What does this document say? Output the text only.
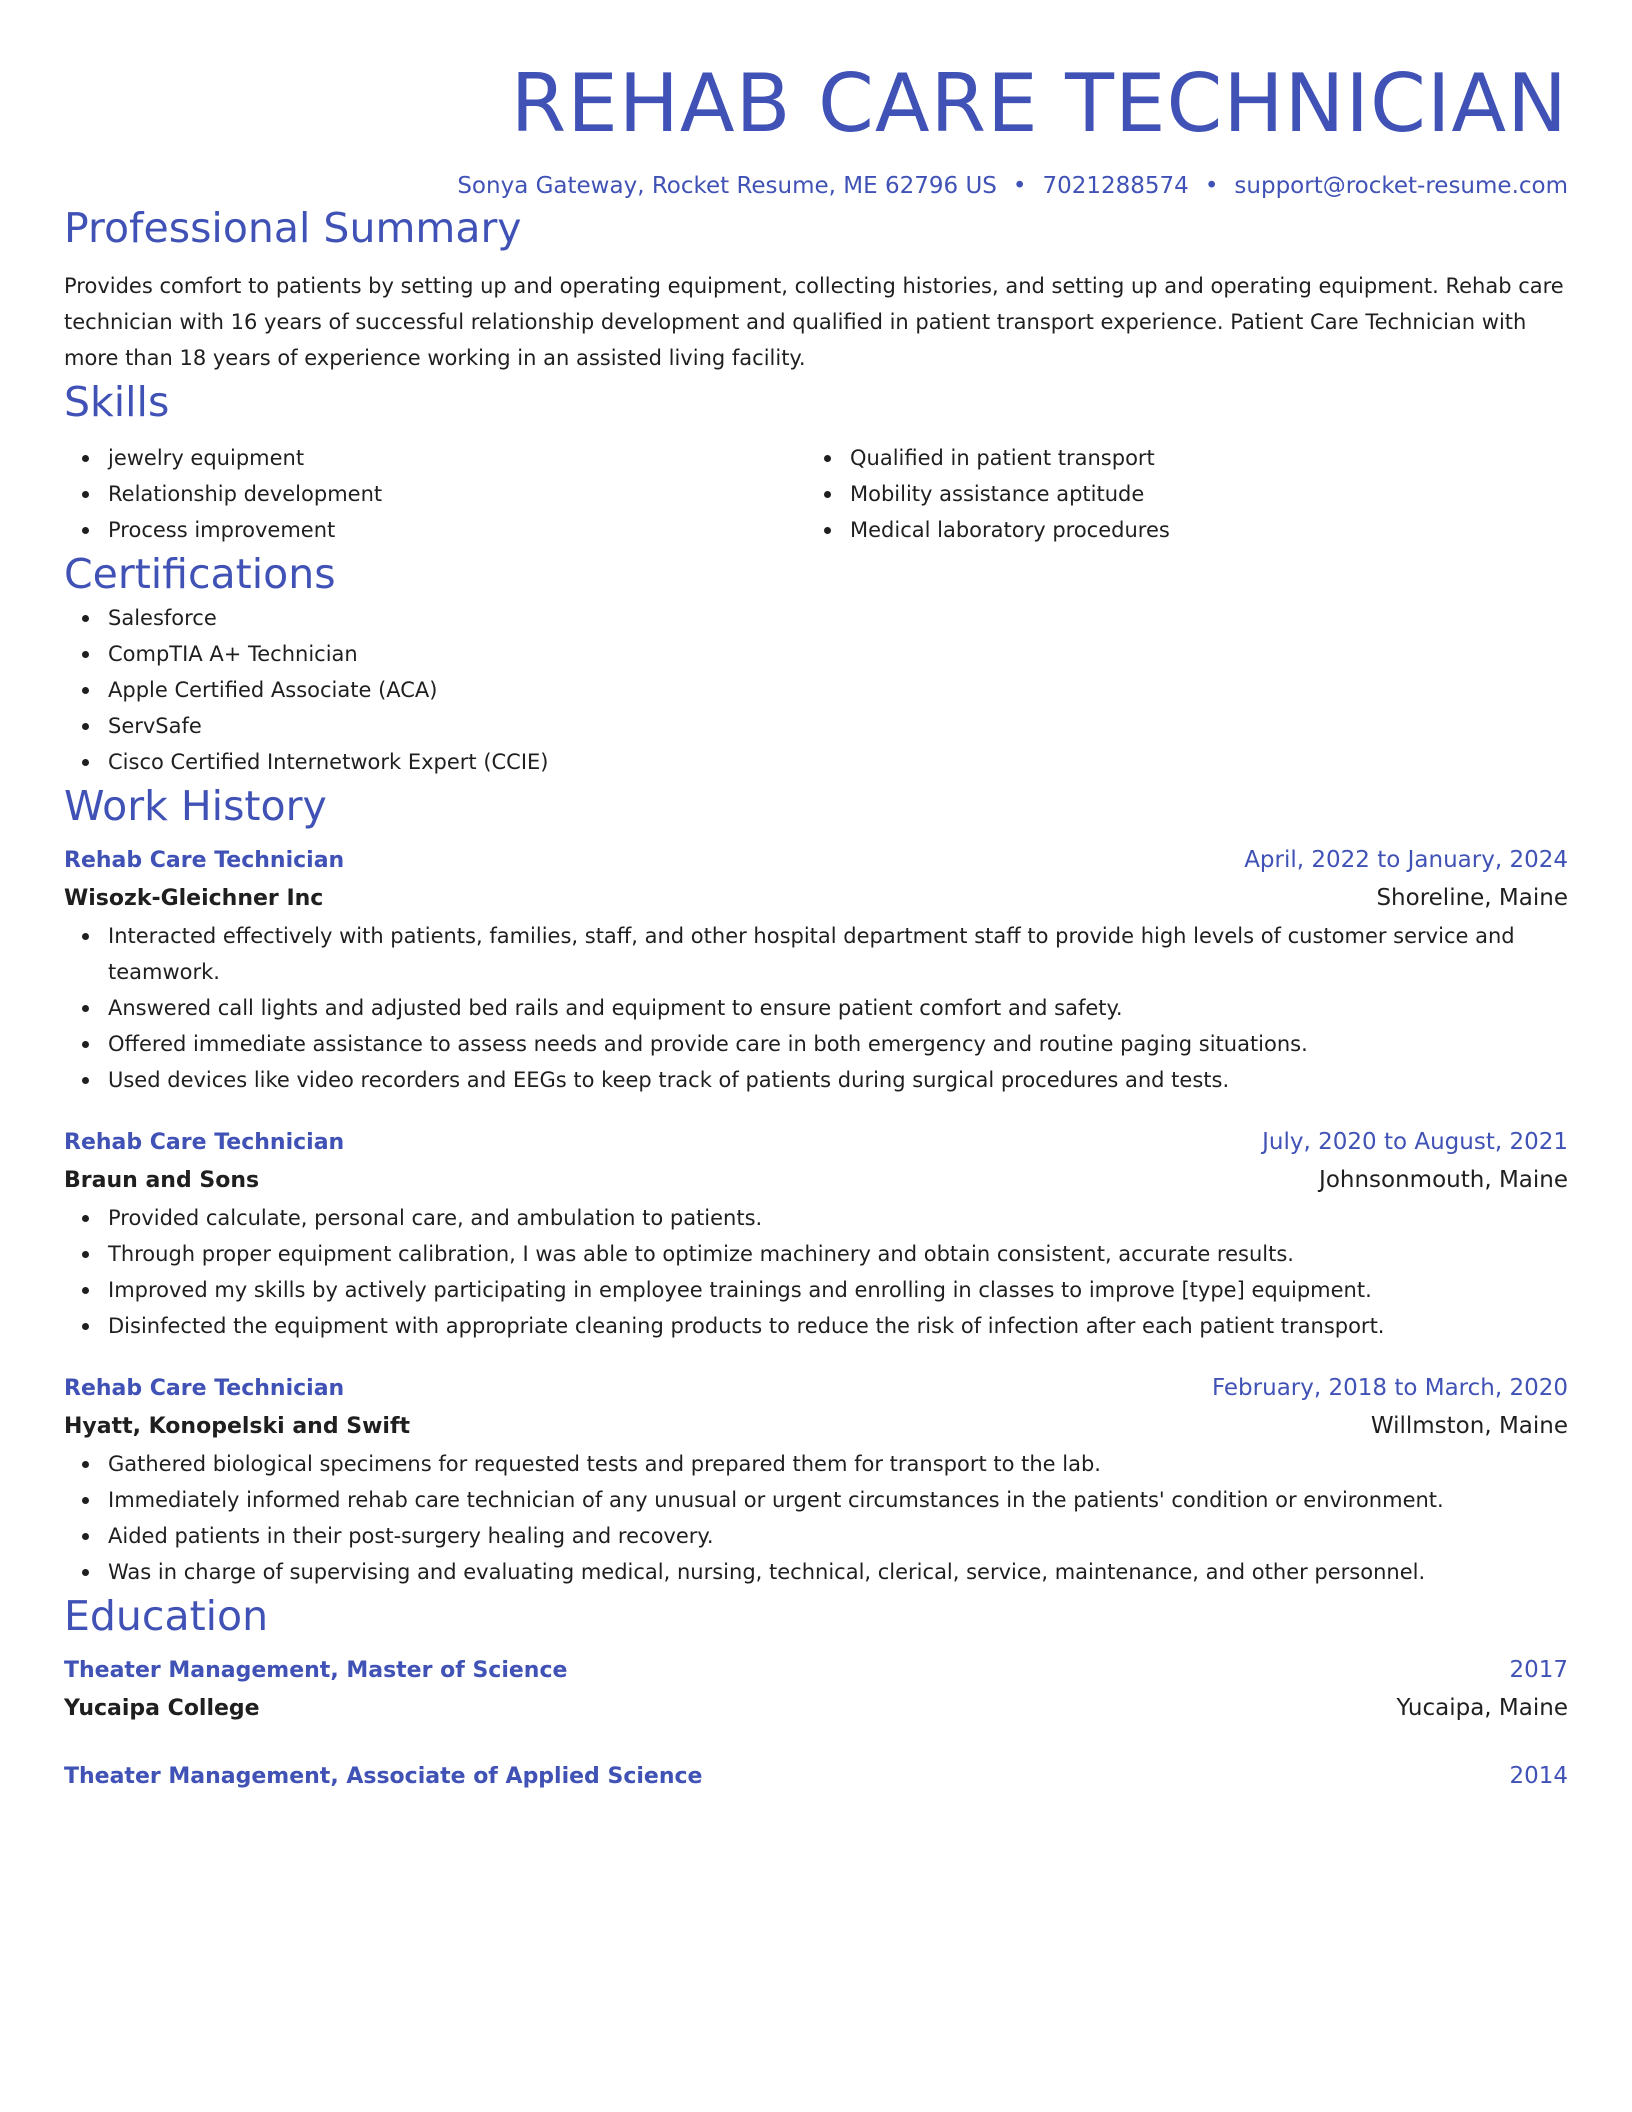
REHAB CARE TECHNICIAN
Sonya Gateway, Rocket Resume, ME 62796 US • 7021288574 • support@rocket-resume.com
Professional Summary
Provides comfort to patients by setting up and operating equipment, collecting histories, and setting up and operating equipment. Rehab care technician with 16 years of successful relationship development and qualified in patient transport experience. Patient Care Technician with more than 18 years of experience working in an assisted living facility.
Skills
jewelry equipment
Relationship development
Process improvement
Qualified in patient transport
Mobility assistance aptitude
Medical laboratory procedures
Certifications
Salesforce
CompTIA A+ Technician
Apple Certified Associate (ACA)
ServSafe
Cisco Certified Internetwork Expert (CCIE)
Work History
Rehab Care Technician	April, 2022 to January, 2024
Wisozk-Gleichner Inc	Shoreline, Maine
Interacted effectively with patients, families, staff, and other hospital department staff to provide high levels of customer service and teamwork.
Answered call lights and adjusted bed rails and equipment to ensure patient comfort and safety.
Offered immediate assistance to assess needs and provide care in both emergency and routine paging situations.
Used devices like video recorders and EEGs to keep track of patients during surgical procedures and tests.
Rehab Care Technician	July, 2020 to August, 2021
Braun and Sons	Johnsonmouth, Maine
Provided calculate, personal care, and ambulation to patients.
Through proper equipment calibration, I was able to optimize machinery and obtain consistent, accurate results.
Improved my skills by actively participating in employee trainings and enrolling in classes to improve [type] equipment.
Disinfected the equipment with appropriate cleaning products to reduce the risk of infection after each patient transport.
Rehab Care Technician	February, 2018 to March, 2020
Hyatt, Konopelski and Swift	Willmston, Maine
Gathered biological specimens for requested tests and prepared them for transport to the lab.
Immediately informed rehab care technician of any unusual or urgent circumstances in the patients' condition or environment.
Aided patients in their post-surgery healing and recovery.
Was in charge of supervising and evaluating medical, nursing, technical, clerical, service, maintenance, and other personnel.
Education
Theater Management, Master of Science	2017
Yucaipa College	Yucaipa, Maine
Theater Management, Associate of Applied Science	2014
